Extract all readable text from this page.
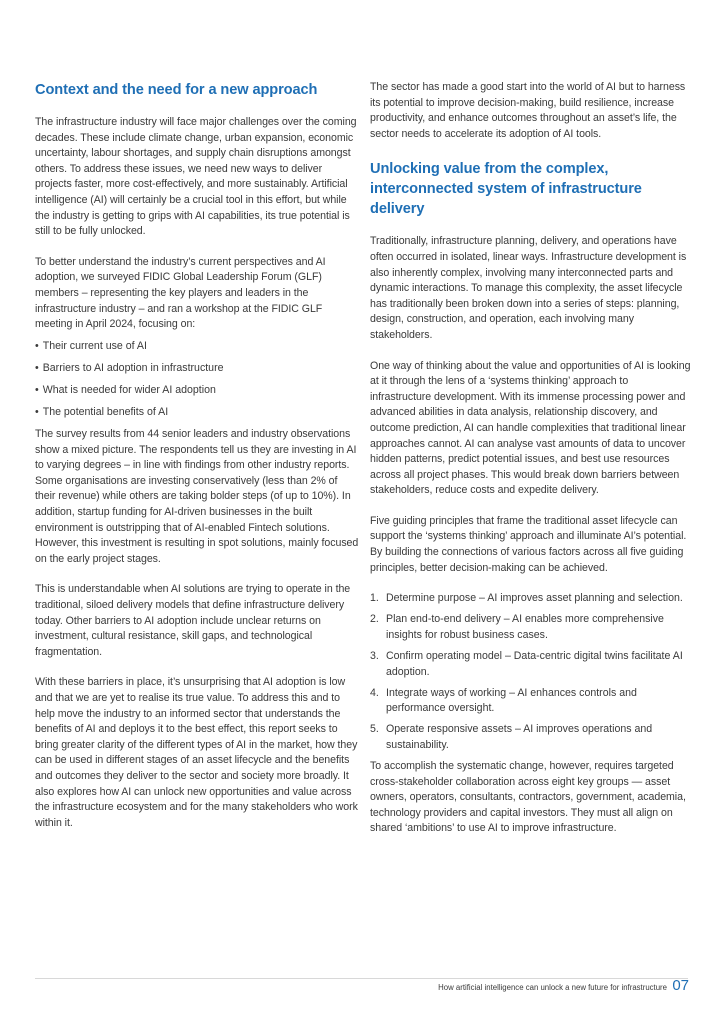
Context and the need for a new approach

The infrastructure industry will face major challenges over the coming decades. These include climate change, urban expansion, economic uncertainty, labour shortages, and supply chain disruptions amongst others. To address these issues, we need new ways to deliver projects faster, more cost-effectively, and more sustainably. Artificial intelligence (AI) will certainly be a crucial tool in this effort, but while the industry is getting to grips with AI capabilities, its true potential is still to be fully unlocked.

To better understand the industry’s current perspectives and AI adoption, we surveyed FIDIC Global Leadership Forum (GLF) members – representing the key players and leaders in the infrastructure industry – and ran a workshop at the FIDIC GLF meeting in April 2024, focusing on:

• Their current use of AI
• Barriers to AI adoption in infrastructure
• What is needed for wider AI adoption
• The potential benefits of AI

The survey results from 44 senior leaders and industry observations show a mixed picture. The respondents tell us they are investing in AI to varying degrees – in line with findings from other industry reports. Some organisations are investing conservatively (less than 2% of their revenue) while others are taking bolder steps (of up to 10%). In addition, startup funding for AI-driven businesses in the built environment is outstripping that of AI-enabled Fintech solutions. However, this investment is resulting in spot solutions, mainly focused on the early project stages.

This is understandable when AI solutions are trying to operate in the traditional, siloed delivery models that define infrastructure delivery today. Other barriers to AI adoption include unclear returns on investment, cultural resistance, skill gaps, and technological fragmentation.

With these barriers in place, it’s unsurprising that AI adoption is low and that we are yet to realise its true value. To address this and to help move the industry to an informed sector that understands the benefits of AI and deploys it to the best effect, this report seeks to bring greater clarity of the different types of AI in the market, how they can be used in different stages of an asset lifecycle and the benefits and outcomes they deliver to the sector and society more broadly. It also explores how AI can unlock new opportunities and value across the infrastructure ecosystem and for the many stakeholders who work within it.

The sector has made a good start into the world of AI but to harness its potential to improve decision-making, build resilience, increase productivity, and enhance outcomes throughout an asset’s life, the sector needs to accelerate its adoption of AI tools.

Unlocking value from the complex, interconnected system of infrastructure delivery

Traditionally, infrastructure planning, delivery, and operations have often occurred in isolated, linear ways. Infrastructure development is also inherently complex, involving many interconnected parts and dynamic interactions. To manage this complexity, the asset lifecycle has traditionally been broken down into a series of steps: planning, design, construction, and operation, each involving many stakeholders.

One way of thinking about the value and opportunities of AI is looking at it through the lens of a ‘systems thinking’ approach to infrastructure development. With its immense processing power and advanced abilities in data analysis, relationship discovery, and outcome prediction, AI can handle complexities that traditional linear approaches cannot. AI can analyse vast amounts of data to uncover hidden patterns, predict potential issues, and best use resources across all project phases. This would break down barriers between stakeholders, reduce costs and expedite delivery.

Five guiding principles that frame the traditional asset lifecycle can support the ‘systems thinking’ approach and illuminate AI’s potential. By building the connections of various factors across all five guiding principles, better decision-making can be achieved.

1. Determine purpose – AI improves asset planning and selection.
2. Plan end-to-end delivery – AI enables more comprehensive insights for robust business cases.
3. Confirm operating model – Data-centric digital twins facilitate AI adoption.
4. Integrate ways of working – AI enhances controls and performance oversight.
5. Operate responsive assets – AI improves operations and sustainability.

To accomplish the systematic change, however, requires targeted cross-stakeholder collaboration across eight key groups — asset owners, operators, consultants, contractors, government, academia, technology providers and capital investors. They must all align on shared ‘ambitions’ to use AI to improve infrastructure.

How artificial intelligence can unlock a new future for infrastructure 07
